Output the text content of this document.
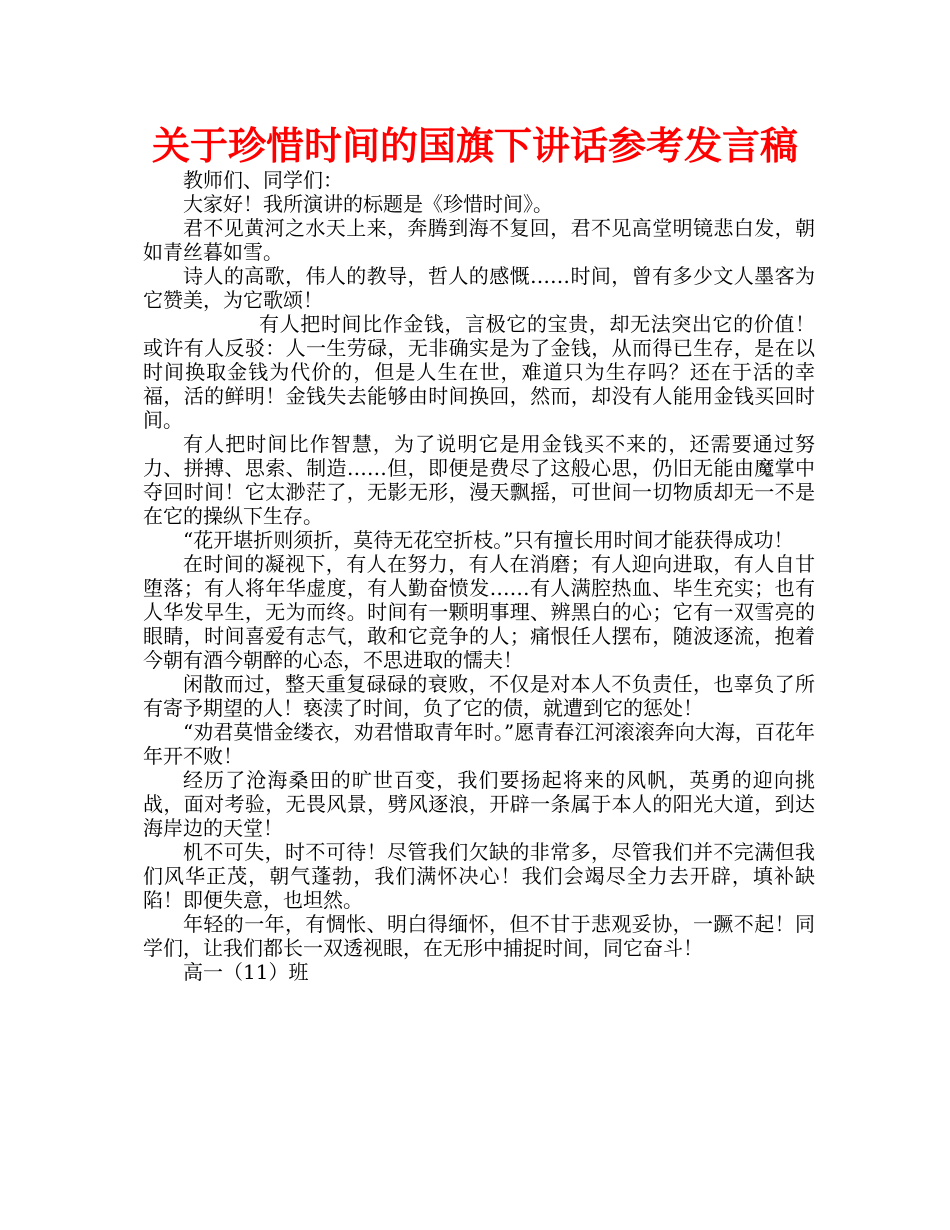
关于珍惜时间的国旗下讲话参考发言稿

教师们、同学们：

大家好！我所演讲的标题是《珍惜时间》。

君不见黄河之水天上来，奔腾到海不复回，君不见高堂明镜悲白发，朝如青丝暮如雪。

诗人的高歌，伟人的教导，哲人的感慨……时间，曾有多少文人墨客为它赞美，为它歌颂！

有人把时间比作金钱，言极它的宝贵，却无法突出它的价值！或许有人反驳：人一生劳碌，无非确实是为了金钱，从而得已生存，是在以时间换取金钱为代价的，但是人生在世，难道只为生存吗？还在于活的幸福，活的鲜明！金钱失去能够由时间换回，然而，却没有人能用金钱买回时间。

有人把时间比作智慧，为了说明它是用金钱买不来的，还需要通过努力、拼搏、思索、制造……但，即便是费尽了这般心思，仍旧无能由魔掌中夺回时间！它太渺茫了，无影无形，漫天飘摇，可世间一切物质却无一不是在它的操纵下生存。

“花开堪折则须折，莫待无花空折枝。”只有擅长用时间才能获得成功！

在时间的凝视下，有人在努力，有人在消磨；有人迎向进取，有人自甘堕落；有人将年华虚度，有人勤奋愤发……有人满腔热血、毕生充实；也有人华发早生，无为而终。时间有一颗明事理、辨黑白的心；它有一双雪亮的眼睛，时间喜爱有志气，敢和它竞争的人；痛恨任人摆布，随波逐流，抱着今朝有酒今朝醉的心态，不思进取的懦夫！

闲散而过，整天重复碌碌的衰败，不仅是对本人不负责任，也辜负了所有寄予期望的人！亵渎了时间，负了它的债，就遭到它的惩处！

“劝君莫惜金缕衣，劝君惜取青年时。”愿青春江河滚滚奔向大海，百花年年开不败！

经历了沧海桑田的旷世百变，我们要扬起将来的风帆，英勇的迎向挑战，面对考验，无畏风景，劈风逐浪，开辟一条属于本人的阳光大道，到达海岸边的天堂！

机不可失，时不可待！尽管我们欠缺的非常多，尽管我们并不完满但我们风华正茂，朝气蓬勃，我们满怀决心！我们会竭尽全力去开辟，填补缺陷！即便失意，也坦然。

年轻的一年，有惆怅、明白得缅怀，但不甘于悲观妥协，一蹶不起！同学们，让我们都长一双透视眼，在无形中捕捉时间，同它奋斗！

高一（11）班
